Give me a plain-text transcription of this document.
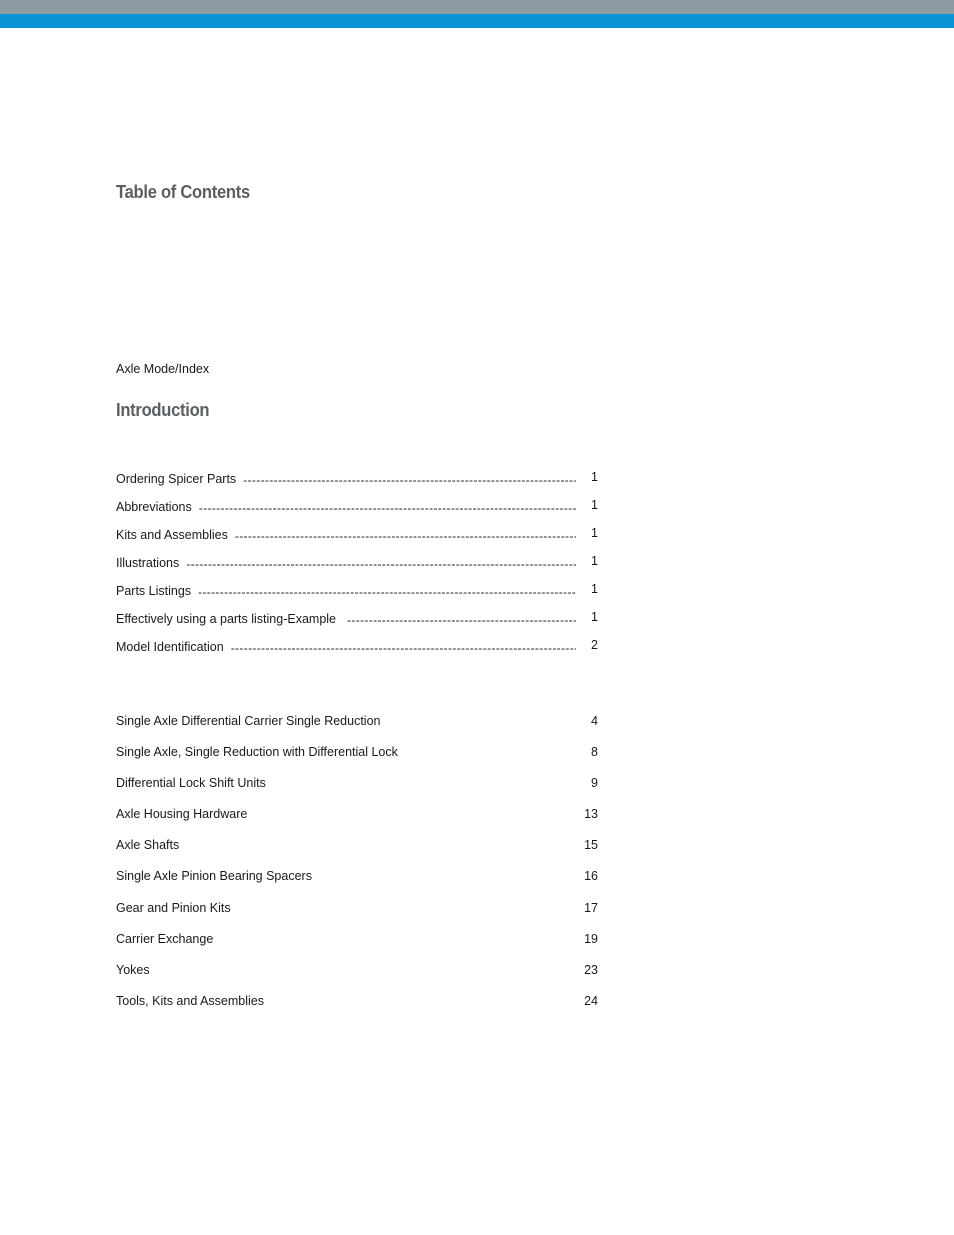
Table of Contents
Axle Mode/Index
Introduction
Ordering Spicer Parts -----	1
Abbreviations -----	1
Kits and Assemblies -----	1
Illustrations -----	1
Parts Listings -----	1
Effectively using a parts listing-Example -----	1
Model Identification -----	2
Single Axle Differential Carrier Single Reduction	4
Single Axle, Single Reduction with Differential Lock	8
Differential Lock Shift Units	9
Axle Housing Hardware	13
Axle Shafts	15
Single Axle Pinion Bearing Spacers	16
Gear and Pinion Kits	17
Carrier Exchange	19
Yokes	23
Tools, Kits and Assemblies	24
